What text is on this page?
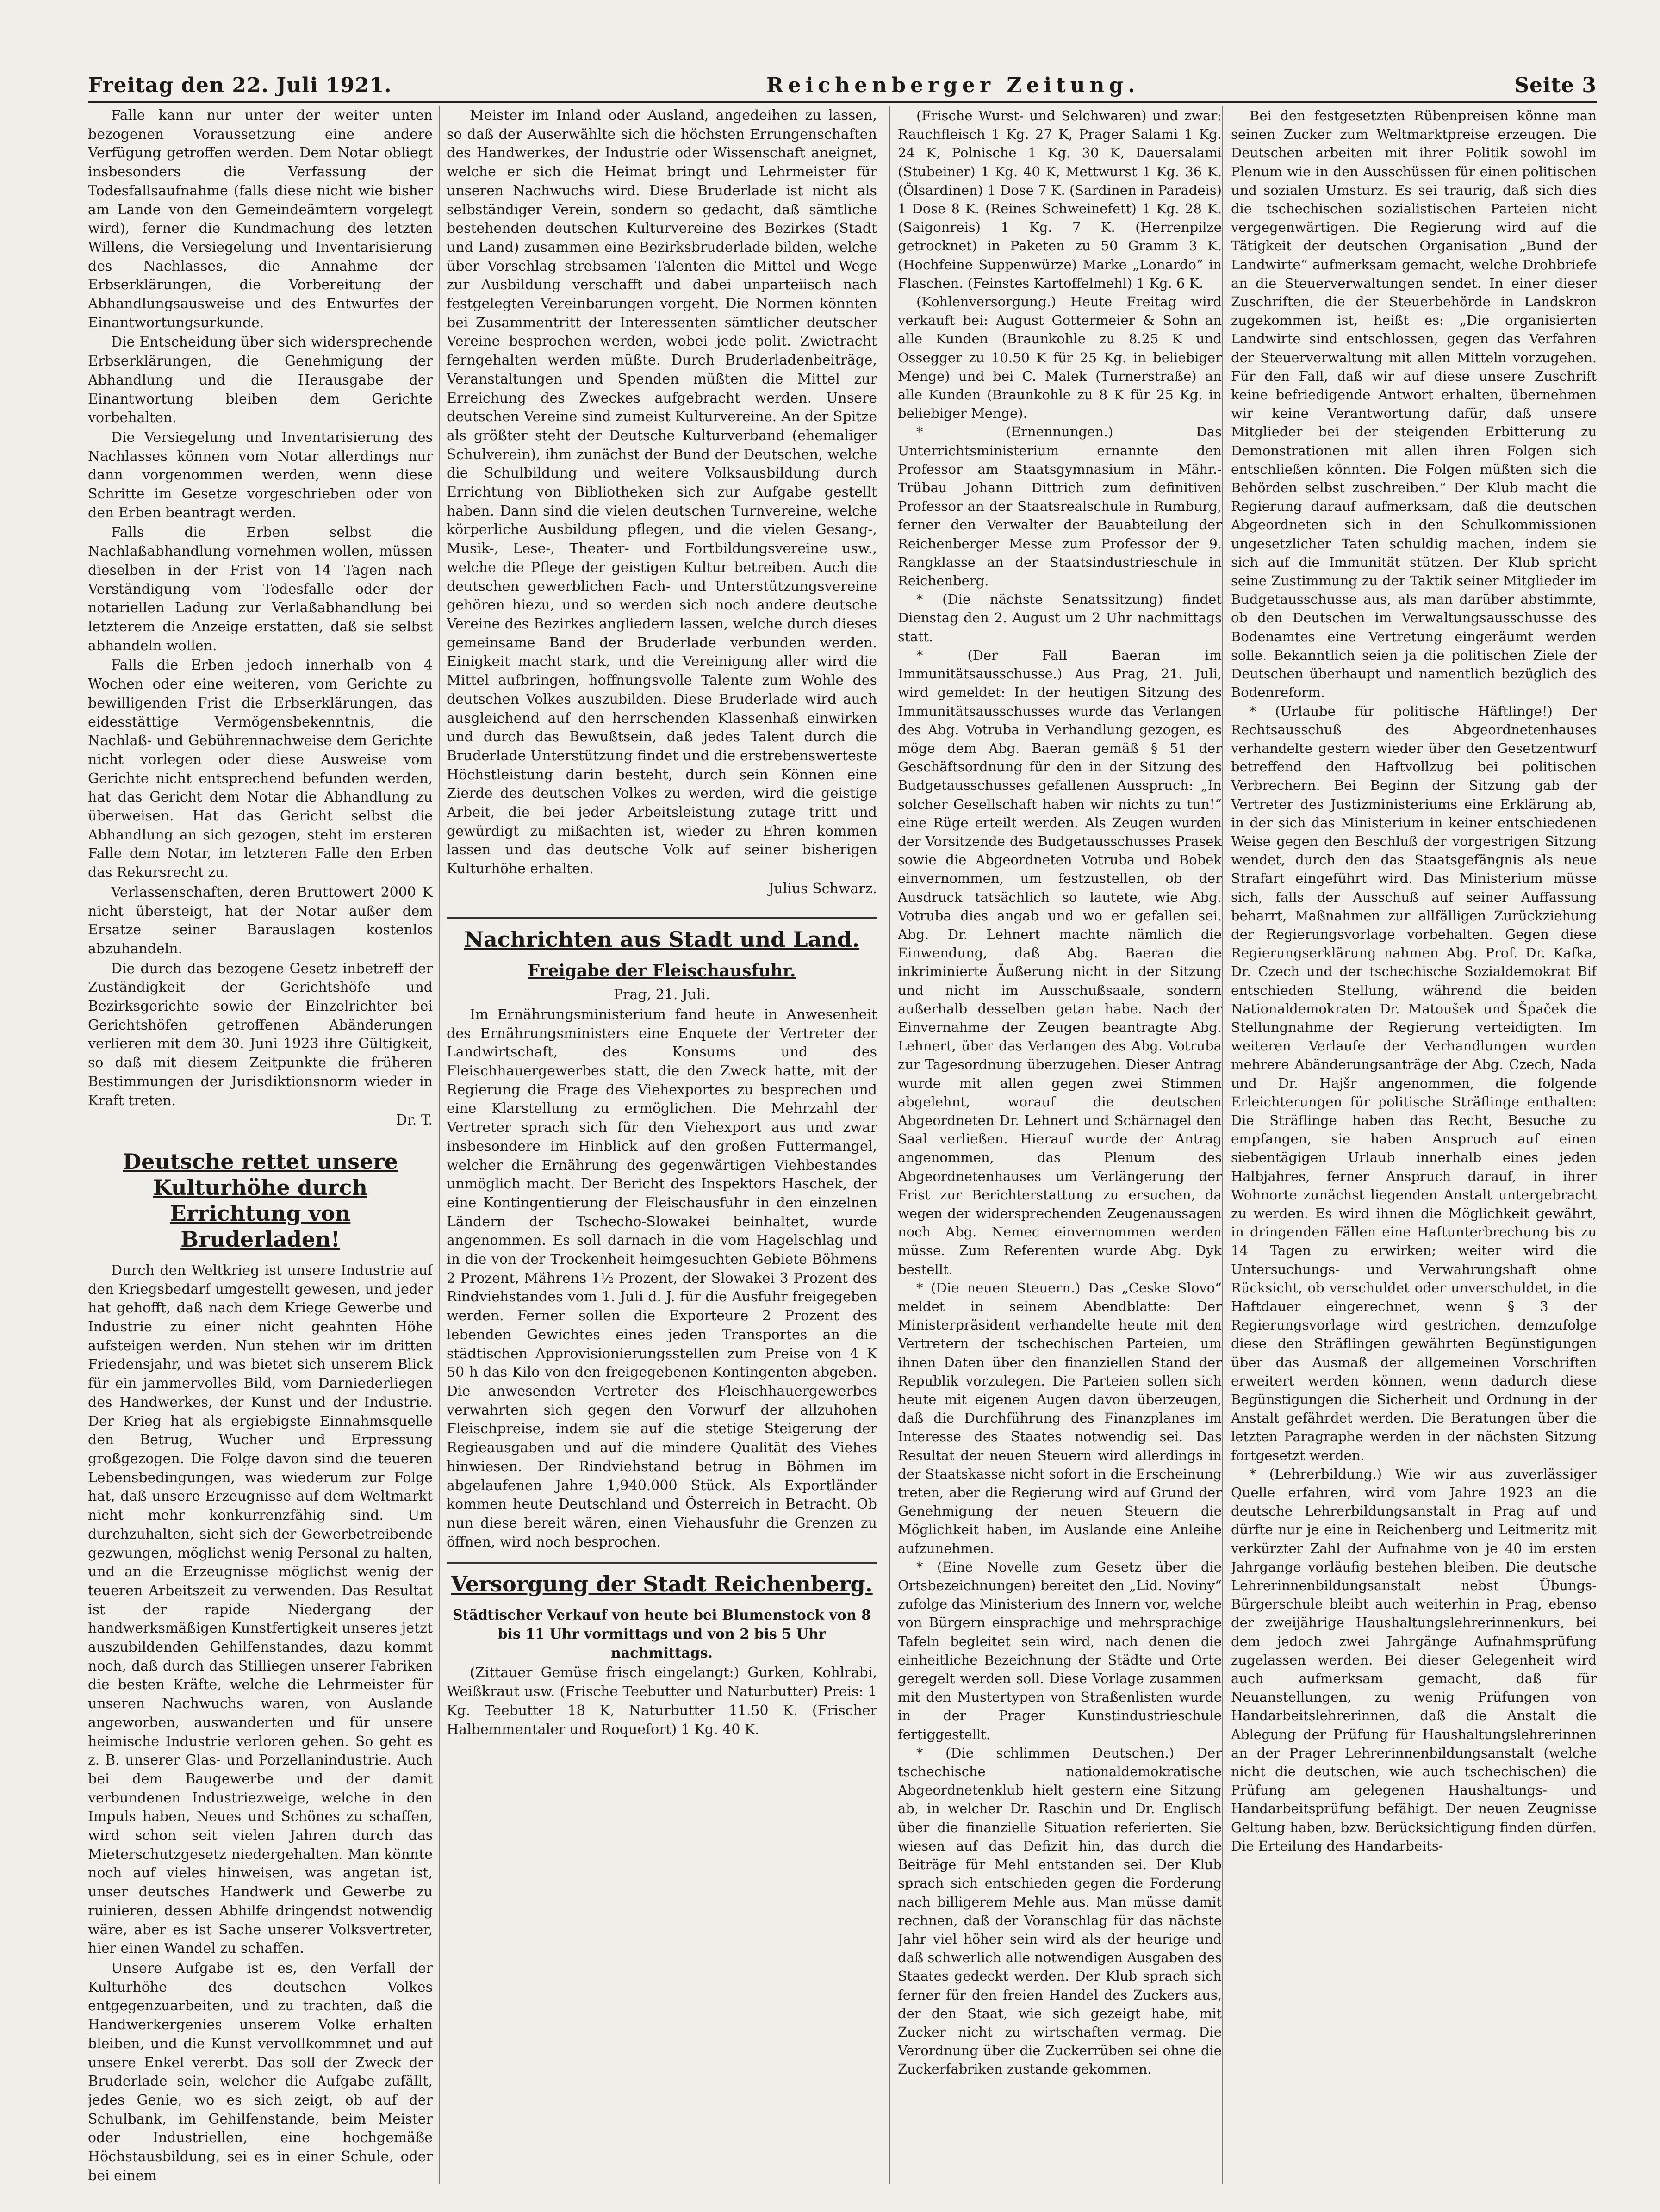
Freitag den 22. Juli 1921.	Reichenberger Zeitung.	Seite 3

Falle kann nur unter der weiter unten bezogenen Voraussetzung eine andere Verfügung getroffen werden. Dem Notar obliegt insbesonders die Verfassung der Todesfallsaufnahme (falls diese nicht wie bisher am Lande von den Gemeindeämtern vorgelegt wird), ferner die Kundmachung des letzten Willens, die Versiegelung und Inventarisierung des Nachlasses, die Annahme der Erbserklärungen, die Vorbereitung der Abhandlungsausweise und des Entwurfes der Einantwortungsurkunde.

Die Entscheidung über sich widersprechende Erbserklärungen, die Genehmigung der Abhandlung und die Herausgabe der Einantwortung bleiben dem Gerichte vorbehalten.

Die Versiegelung und Inventarisierung des Nachlasses können vom Notar allerdings nur dann vorgenommen werden, wenn diese Schritte im Gesetze vorgeschrieben oder von den Erben beantragt werden.

Falls die Erben selbst die Nachlaßabhandlung vornehmen wollen, müssen dieselben in der Frist von 14 Tagen nach Verständigung vom Todesfalle oder der notariellen Ladung zur Verlaßabhandlung bei letzterem die Anzeige erstatten, daß sie selbst abhandeln wollen.

Falls die Erben jedoch innerhalb von 4 Wochen oder eine weiteren, vom Gerichte zu bewilligenden Frist die Erbserklärungen, das eidesstättige Vermögensbekenntnis, die Nachlaß- und Gebührennachweise dem Gerichte nicht vorlegen oder diese Ausweise vom Gerichte nicht entsprechend befunden werden, hat das Gericht dem Notar die Abhandlung zu überweisen. Hat das Gericht selbst die Abhandlung an sich gezogen, steht im ersteren Falle dem Notar, im letzteren Falle den Erben das Rekursrecht zu.

Verlassenschaften, deren Bruttowert 2000 K nicht übersteigt, hat der Notar außer dem Ersatze seiner Barauslagen kostenlos abzuhandeln.

Die durch das bezogene Gesetz inbetreff der Zuständigkeit der Gerichtshöfe und Bezirksgerichte sowie der Einzelrichter bei Gerichtshöfen getroffenen Abänderungen verlieren mit dem 30. Juni 1923 ihre Gültigkeit, so daß mit diesem Zeitpunkte die früheren Bestimmungen der Jurisdiktionsnorm wieder in Kraft treten.

Dr. T.

Deutsche rettet unsere Kulturhöhe durch Errichtung von Bruderladen!

Durch den Weltkrieg ist unsere Industrie auf den Kriegsbedarf umgestellt gewesen, und jeder hat gehofft, daß nach dem Kriege Gewerbe und Industrie zu einer nicht geahnten Höhe aufsteigen werden. Nun stehen wir im dritten Friedensjahr, und was bietet sich unserem Blick für ein jammervolles Bild, vom Darniederliegen des Handwerkes, der Kunst und der Industrie. Der Krieg hat als ergiebigste Einnahmsquelle den Betrug, Wucher und Erpressung großgezogen. Die Folge davon sind die teueren Lebensbedingungen, was wiederum zur Folge hat, daß unsere Erzeugnisse auf dem Weltmarkt nicht mehr konkurrenzfähig sind. Um durchzuhalten, sieht sich der Gewerbetreibende gezwungen, möglichst wenig Personal zu halten, und an die Erzeugnisse möglichst wenig der teueren Arbeitszeit zu verwenden. Das Resultat ist der rapide Niedergang der handwerksmäßigen Kunstfertigkeit unseres jetzt auszubildenden Gehilfenstandes, dazu kommt noch, daß durch das Stilliegen unserer Fabriken die besten Kräfte, welche die Lehrmeister für unseren Nachwuchs waren, von Auslande angeworben, auswanderten und für unsere heimische Industrie verloren gehen. So geht es z. B. unserer Glas- und Porzellanindustrie. Auch bei dem Baugewerbe und der damit verbundenen Industriezweige, welche in den Impuls haben, Neues und Schönes zu schaffen, wird schon seit vielen Jahren durch das Mieterschutzgesetz niedergehalten. Man könnte noch auf vieles hinweisen, was angetan ist, unser deutsches Handwerk und Gewerbe zu ruinieren, dessen Abhilfe dringendst notwendig wäre, aber es ist Sache unserer Volksvertreter, hier einen Wandel zu schaffen.

Unsere Aufgabe ist es, den Verfall der Kulturhöhe des deutschen Volkes entgegenzuarbeiten, und zu trachten, daß die Handwerkergenies unserem Volke erhalten bleiben, und die Kunst vervollkommnet und auf unsere Enkel vererbt. Das soll der Zweck der Bruderlade sein, welcher die Aufgabe zufällt, jedes Genie, wo es sich zeigt, ob auf der Schulbank, im Gehilfenstande, beim Meister oder Industriellen, eine hochgemäße Höchstausbildung, sei es in einer Schule, oder bei einem

Meister im Inland oder Ausland, angedeihen zu lassen, so daß der Auserwählte sich die höchsten Errungenschaften des Handwerkes, der Industrie oder Wissenschaft aneignet, welche er sich die Heimat bringt und Lehrmeister für unseren Nachwuchs wird. Diese Bruderlade ist nicht als selbständiger Verein, sondern so gedacht, daß sämtliche bestehenden deutschen Kulturvereine des Bezirkes (Stadt und Land) zusammen eine Bezirksbruderlade bilden, welche über Vorschlag strebsamen Talenten die Mittel und Wege zur Ausbildung verschafft und dabei unparteiisch nach festgelegten Vereinbarungen vorgeht. Die Normen könnten bei Zusammentritt der Interessenten sämtlicher deutscher Vereine besprochen werden, wobei jede polit. Zwietracht ferngehalten werden müßte. Durch Bruderladenbeiträge, Veranstaltungen und Spenden müßten die Mittel zur Erreichung des Zweckes aufgebracht werden. Unsere deutschen Vereine sind zumeist Kulturvereine. An der Spitze als größter steht der Deutsche Kulturverband (ehemaliger Schulverein), ihm zunächst der Bund der Deutschen, welche die Schulbildung und weitere Volksausbildung durch Errichtung von Bibliotheken sich zur Aufgabe gestellt haben. Dann sind die vielen deutschen Turnvereine, welche körperliche Ausbildung pflegen, und die vielen Gesang-, Musik-, Lese-, Theater- und Fortbildungsvereine usw., welche die Pflege der geistigen Kultur betreiben. Auch die deutschen gewerblichen Fach- und Unterstützungsvereine gehören hiezu, und so werden sich noch andere deutsche Vereine des Bezirkes angliedern lassen, welche durch dieses gemeinsame Band der Bruderlade verbunden werden. Einigkeit macht stark, und die Vereinigung aller wird die Mittel aufbringen, hoffnungsvolle Talente zum Wohle des deutschen Volkes auszubilden. Diese Bruderlade wird auch ausgleichend auf den herrschenden Klassenhaß einwirken und durch das Bewußtsein, daß jedes Talent durch die Bruderlade Unterstützung findet und die erstrebenswerteste Höchstleistung darin besteht, durch sein Können eine Zierde des deutschen Volkes zu werden, wird die geistige Arbeit, die bei jeder Arbeitsleistung zutage tritt und gewürdigt zu mißachten ist, wieder zu Ehren kommen lassen und das deutsche Volk auf seiner bisherigen Kulturhöhe erhalten.

Julius Schwarz.

Nachrichten aus Stadt und Land.
Freigabe der Fleischausfuhr.

Prag, 21. Juli.

Im Ernährungsministerium fand heute in Anwesenheit des Ernährungsministers eine Enquete der Vertreter der Landwirtschaft, des Konsums und des Fleischhauergewerbes statt, die den Zweck hatte, mit der Regierung die Frage des Viehexportes zu besprechen und eine Klarstellung zu ermöglichen. Die Mehrzahl der Vertreter sprach sich für den Viehexport aus und zwar insbesondere im Hinblick auf den großen Futtermangel, welcher die Ernährung des gegenwärtigen Viehbestandes unmöglich macht. Der Bericht des Inspektors Haschek, der eine Kontingentierung der Fleischausfuhr in den einzelnen Ländern der Tschecho-Slowakei beinhaltet, wurde angenommen. Es soll darnach in die vom Hagelschlag und in die von der Trockenheit heimgesuchten Gebiete Böhmens 2 Prozent, Mährens 1½ Prozent, der Slowakei 3 Prozent des Rindviehstandes vom 1. Juli d. J. für die Ausfuhr freigegeben werden. Ferner sollen die Exporteure 2 Prozent des lebenden Gewichtes eines jeden Transportes an die städtischen Approvisionierungsstellen zum Preise von 4 K 50 h das Kilo von den freigegebenen Kontingenten abgeben. Die anwesenden Vertreter des Fleischhauergewerbes verwahrten sich gegen den Vorwurf der allzuhohen Fleischpreise, indem sie auf die stetige Steigerung der Regieausgaben und auf die mindere Qualität des Viehes hinwiesen. Der Rindviehstand betrug in Böhmen im abgelaufenen Jahre 1,940.000 Stück. Als Exportländer kommen heute Deutschland und Österreich in Betracht. Ob nun diese bereit wären, einen Viehausfuhr die Grenzen zu öffnen, wird noch besprochen.

Versorgung der Stadt Reichenberg.

Städtischer Verkauf von heute bei Blumenstock von 8 bis 11 Uhr vormittags und von 2 bis 5 Uhr nachmittags.

(Zittauer Gemüse frisch eingelangt:) Gurken, Kohlrabi, Weißkraut usw. (Frische Teebutter und Naturbutter) Preis: 1 Kg. Teebutter 18 K, Naturbutter 11.50 K. (Frischer Halbemmentaler und Roquefort) 1 Kg. 40 K.

(Frische Wurst- und Selchwaren) und zwar: Rauchfleisch 1 Kg. 27 K, Prager Salami 1 Kg. 24 K, Polnische 1 Kg. 30 K, Dauersalami (Stubeiner) 1 Kg. 40 K, Mettwurst 1 Kg. 36 K. (Ölsardinen) 1 Dose 7 K. (Sardinen in Paradeis) 1 Dose 8 K. (Reines Schweinefett) 1 Kg. 28 K. (Saigonreis) 1 Kg. 7 K. (Herrenpilze getrocknet) in Paketen zu 50 Gramm 3 K. (Hochfeine Suppenwürze) Marke „Lonardo“ in Flaschen. (Feinstes Kartoffelmehl) 1 Kg. 6 K.

(Kohlenversorgung.) Heute Freitag wird verkauft bei: August Gottermeier & Sohn an alle Kunden (Braunkohle zu 8.25 K und Ossegger zu 10.50 K für 25 Kg. in beliebiger Menge) und bei C. Malek (Turnerstraße) an alle Kunden (Braunkohle zu 8 K für 25 Kg. in beliebiger Menge).

* (Ernennungen.) Das Unterrichtsministerium ernannte den Professor am Staatsgymnasium in Mähr.-Trübau Johann Dittrich zum definitiven Professor an der Staatsrealschule in Rumburg, ferner den Verwalter der Bauabteilung der Reichenberger Messe zum Professor der 9. Rangklasse an der Staatsindustrieschule in Reichenberg.

* (Die nächste Senatssitzung) findet Dienstag den 2. August um 2 Uhr nachmittags statt.

* (Der Fall Baeran im Immunitätsausschusse.) Aus Prag, 21. Juli, wird gemeldet: In der heutigen Sitzung des Immunitätsausschusses wurde das Verlangen des Abg. Votruba in Verhandlung gezogen, es möge dem Abg. Baeran gemäß § 51 der Geschäftsordnung für den in der Sitzung des Budgetausschusses gefallenen Ausspruch: „In solcher Gesellschaft haben wir nichts zu tun!“ eine Rüge erteilt werden. Als Zeugen wurden der Vorsitzende des Budgetausschusses Prasek sowie die Abgeordneten Votruba und Bobek einvernommen, um festzustellen, ob der Ausdruck tatsächlich so lautete, wie Abg. Votruba dies angab und wo er gefallen sei. Abg. Dr. Lehnert machte nämlich die Einwendung, daß Abg. Baeran die inkriminierte Äußerung nicht in der Sitzung und nicht im Ausschußsaale, sondern außerhalb desselben getan habe. Nach der Einvernahme der Zeugen beantragte Abg. Lehnert, über das Verlangen des Abg. Votruba zur Tagesordnung überzugehen. Dieser Antrag wurde mit allen gegen zwei Stimmen abgelehnt, worauf die deutschen Abgeordneten Dr. Lehnert und Schärnagel den Saal verließen. Hierauf wurde der Antrag angenommen, das Plenum des Abgeordnetenhauses um Verlängerung der Frist zur Berichterstattung zu ersuchen, da wegen der widersprechenden Zeugenaussagen noch Abg. Nemec einvernommen werden müsse. Zum Referenten wurde Abg. Dyk bestellt.

* (Die neuen Steuern.) Das „Ceske Slovo“ meldet in seinem Abendblatte: Der Ministerpräsident verhandelte heute mit den Vertretern der tschechischen Parteien, um ihnen Daten über den finanziellen Stand der Republik vorzulegen. Die Parteien sollen sich heute mit eigenen Augen davon überzeugen, daß die Durchführung des Finanzplanes im Interesse des Staates notwendig sei. Das Resultat der neuen Steuern wird allerdings in der Staatskasse nicht sofort in die Erscheinung treten, aber die Regierung wird auf Grund der Genehmigung der neuen Steuern die Möglichkeit haben, im Auslande eine Anleihe aufzunehmen.

* (Eine Novelle zum Gesetz über die Ortsbezeichnungen) bereitet den „Lid. Noviny“ zufolge das Ministerium des Innern vor, welche von Bürgern einsprachige und mehrsprachige Tafeln begleitet sein wird, nach denen die einheitliche Bezeichnung der Städte und Orte geregelt werden soll. Diese Vorlage zusammen mit den Mustertypen von Straßenlisten wurde in der Prager Kunstindustrieschule fertiggestellt.

* (Die schlimmen Deutschen.) Der tschechische nationaldemokratische Abgeordnetenklub hielt gestern eine Sitzung ab, in welcher Dr. Raschin und Dr. Englisch über die finanzielle Situation referierten. Sie wiesen auf das Defizit hin, das durch die Beiträge für Mehl entstanden sei. Der Klub sprach sich entschieden gegen die Forderung nach billigerem Mehle aus. Man müsse damit rechnen, daß der Voranschlag für das nächste Jahr viel höher sein wird als der heurige und daß schwerlich alle notwendigen Ausgaben des Staates gedeckt werden. Der Klub sprach sich ferner für den freien Handel des Zuckers aus, der den Staat, wie sich gezeigt habe, mit Zucker nicht zu wirtschaften vermag. Die Verordnung über die Zuckerrüben sei ohne die Zuckerfabriken zustande gekommen.

Bei den festgesetzten Rübenpreisen könne man seinen Zucker zum Weltmarktpreise erzeugen. Die Deutschen arbeiten mit ihrer Politik sowohl im Plenum wie in den Ausschüssen für einen politischen und sozialen Umsturz. Es sei traurig, daß sich dies die tschechischen sozialistischen Parteien nicht vergegenwärtigen. Die Regierung wird auf die Tätigkeit der deutschen Organisation „Bund der Landwirte“ aufmerksam gemacht, welche Drohbriefe an die Steuerverwaltungen sendet. In einer dieser Zuschriften, die der Steuerbehörde in Landskron zugekommen ist, heißt es: „Die organisierten Landwirte sind entschlossen, gegen das Verfahren der Steuerverwaltung mit allen Mitteln vorzugehen. Für den Fall, daß wir auf diese unsere Zuschrift keine befriedigende Antwort erhalten, übernehmen wir keine Verantwortung dafür, daß unsere Mitglieder bei der steigenden Erbitterung zu Demonstrationen mit allen ihren Folgen sich entschließen könnten. Die Folgen müßten sich die Behörden selbst zuschreiben.“ Der Klub macht die Regierung darauf aufmerksam, daß die deutschen Abgeordneten sich in den Schulkommissionen ungesetzlicher Taten schuldig machen, indem sie sich auf die Immunität stützen. Der Klub spricht seine Zustimmung zu der Taktik seiner Mitglieder im Budgetausschusse aus, als man darüber abstimmte, ob den Deutschen im Verwaltungsausschusse des Bodenamtes eine Vertretung eingeräumt werden solle. Bekanntlich seien ja die politischen Ziele der Deutschen überhaupt und namentlich bezüglich des Bodenreform.

* (Urlaube für politische Häftlinge!) Der Rechtsausschuß des Abgeordnetenhauses verhandelte gestern wieder über den Gesetzentwurf betreffend den Haftvollzug bei politischen Verbrechern. Bei Beginn der Sitzung gab der Vertreter des Justizministeriums eine Erklärung ab, in der sich das Ministerium in keiner entschiedenen Weise gegen den Beschluß der vorgestrigen Sitzung wendet, durch den das Staatsgefängnis als neue Strafart eingeführt wird. Das Ministerium müsse sich, falls der Ausschuß auf seiner Auffassung beharrt, Maßnahmen zur allfälligen Zurückziehung der Regierungsvorlage vorbehalten. Gegen diese Regierungserklärung nahmen Abg. Prof. Dr. Kafka, Dr. Czech und der tschechische Sozialdemokrat Bif entschieden Stellung, während die beiden Nationaldemokraten Dr. Matoušek und Špaček die Stellungnahme der Regierung verteidigten. Im weiteren Verlaufe der Verhandlungen wurden mehrere Abänderungsanträge der Abg. Czech, Nada und Dr. Hajšr angenommen, die folgende Erleichterungen für politische Sträflinge enthalten: Die Sträflinge haben das Recht, Besuche zu empfangen, sie haben Anspruch auf einen siebentägigen Urlaub innerhalb eines jeden Halbjahres, ferner Anspruch darauf, in ihrer Wohnorte zunächst liegenden Anstalt untergebracht zu werden. Es wird ihnen die Möglichkeit gewährt, in dringenden Fällen eine Haftunterbrechung bis zu 14 Tagen zu erwirken; weiter wird die Untersuchungs- und Verwahrungshaft ohne Rücksicht, ob verschuldet oder unverschuldet, in die Haftdauer eingerechnet, wenn § 3 der Regierungsvorlage wird gestrichen, demzufolge diese den Sträflingen gewährten Begünstigungen über das Ausmaß der allgemeinen Vorschriften erweitert werden können, wenn dadurch diese Begünstigungen die Sicherheit und Ordnung in der Anstalt gefährdet werden. Die Beratungen über die letzten Paragraphe werden in der nächsten Sitzung fortgesetzt werden.

* (Lehrerbildung.) Wie wir aus zuverlässiger Quelle erfahren, wird vom Jahre 1923 an die deutsche Lehrerbildungsanstalt in Prag auf und dürfte nur je eine in Reichenberg und Leitmeritz mit verkürzter Zahl der Aufnahme von je 40 im ersten Jahrgange vorläufig bestehen bleiben. Die deutsche Lehrerinnenbildungsanstalt nebst Übungs-Bürgerschule bleibt auch weiterhin in Prag, ebenso der zweijährige Haushaltungslehrerinnenkurs, bei dem jedoch zwei Jahrgänge Aufnahmsprüfung zugelassen werden. Bei dieser Gelegenheit wird auch aufmerksam gemacht, daß für Neuanstellungen, zu wenig Prüfungen von Handarbeitslehrerinnen, daß die Anstalt die Ablegung der Prüfung für Haushaltungslehrerinnen an der Prager Lehrerinnenbildungsanstalt (welche nicht die deutschen, wie auch tschechischen) die Prüfung am gelegenen Haushaltungs- und Handarbeitsprüfung befähigt. Der neuen Zeugnisse Geltung haben, bzw. Berücksichtigung finden dürfen. Die Erteilung des Handarbeits-
